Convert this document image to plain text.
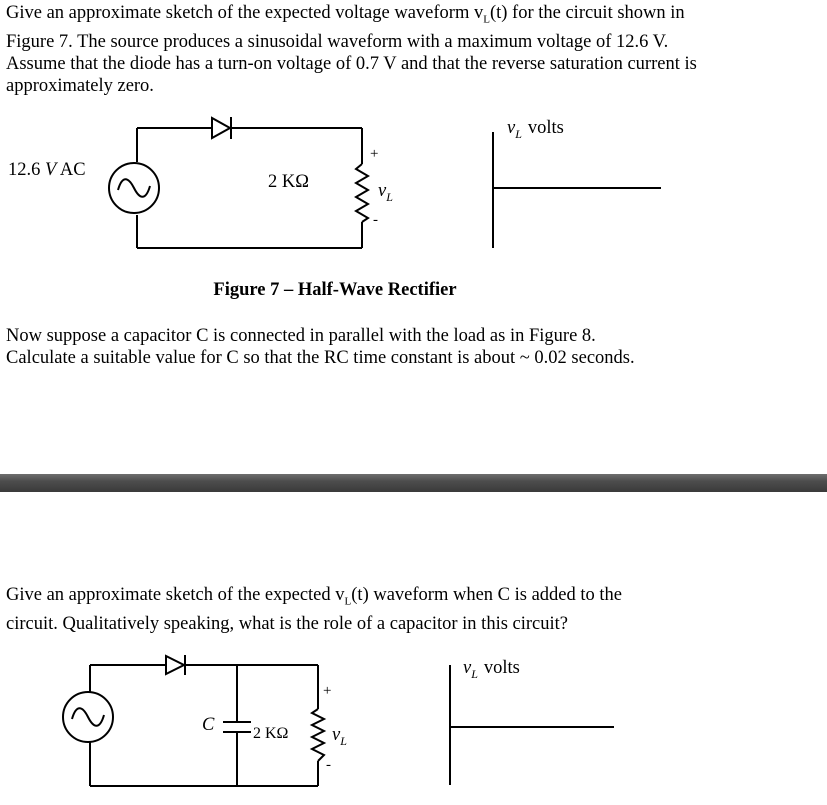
Give an approximate sketch of the expected voltage waveform $v_L(t)$ for the circuit shown in
Figure 7. The source produces a sinusoidal waveform with a maximum voltage of 12.6 V.
Assume that the diode has a turn-on voltage of 0.7 V and that the reverse saturation current is
approximately zero.

12.6 V AC
2 KΩ
+
-
$v_L$
$v_L$ volts
Figure 7 – Half-Wave Rectifier

Now suppose a capacitor C is connected in parallel with the load as in Figure 8.
Calculate a suitable value for C so that the RC time constant is about ~ 0.02 seconds.

Give an approximate sketch of the expected $v_L(t)$ waveform when C is added to the
circuit. Qualitatively speaking, what is the role of a capacitor in this circuit?

C 2 KΩ
+
-
$v_L$
$v_L$ volts
